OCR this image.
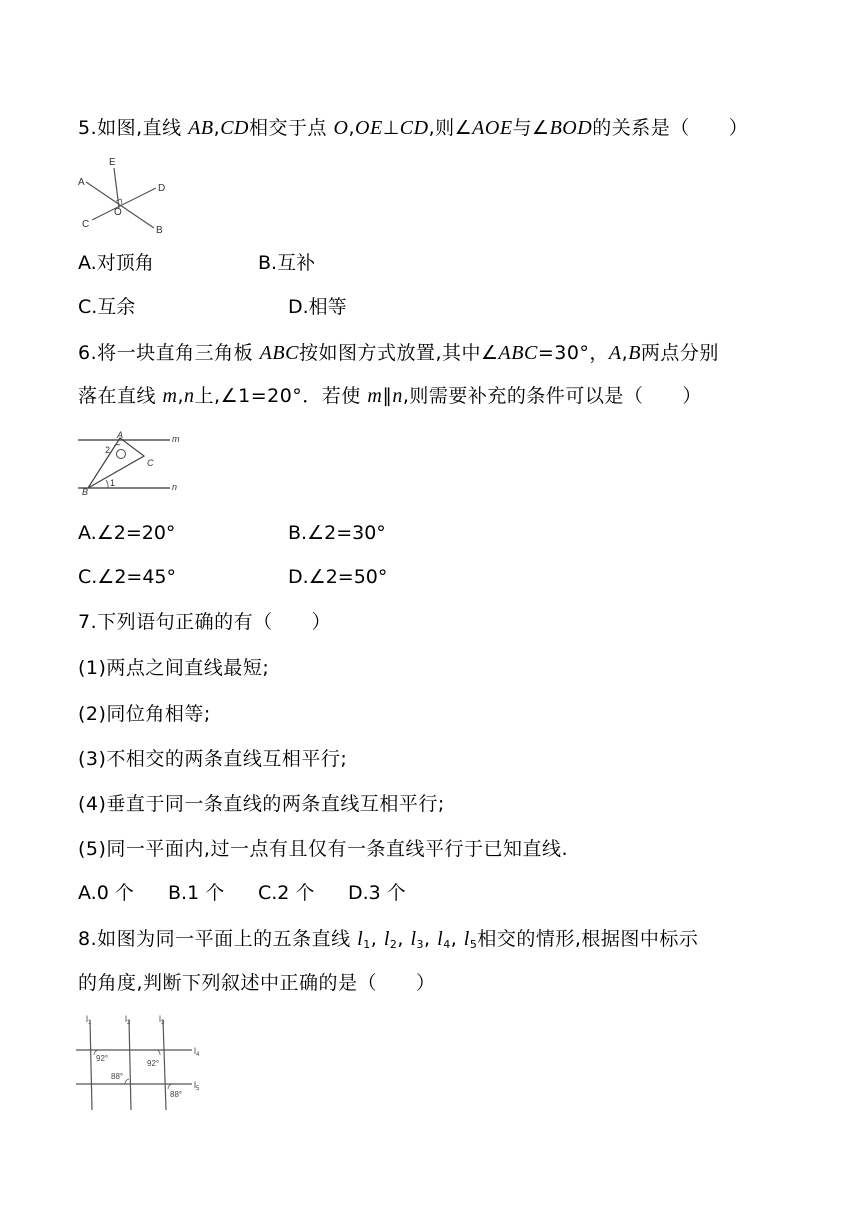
5.如图,直线 AB,CD相交于点 O,OE⊥CD,则∠AOE与∠BOD的关系是（　　）
A
E
D
O
C
B
A.对顶角	B.互补
C.互余	D.相等
6.将一块直角三角板 ABC按如图方式放置,其中∠ABC=30°，A,B两点分别
落在直线 m,n上,∠1=20°．若使 m∥n,则需要补充的条件可以是（　　）
A	m
2
C
1
B	n
A.∠2=20°	B.∠2=30°
C.∠2=45°	D.∠2=50°
7.下列语句正确的有（　　）
(1)两点之间直线最短;
(2)同位角相等;
(3)不相交的两条直线互相平行;
(4)垂直于同一条直线的两条直线互相平行;
(5)同一平面内,过一点有且仅有一条直线平行于已知直线.
A.0 个 B.1 个 C.2 个 D.3 个
8.如图为同一平面上的五条直线 $l_1$, $l_2$, $l_3$, $l_4$, $l_5$相交的情形,根据图中标示
的角度,判断下列叙述中正确的是（　　）
$l_1$	$l_2$	$l_3$
$l_4$
$l_5$
92°
92°
88°
88°
